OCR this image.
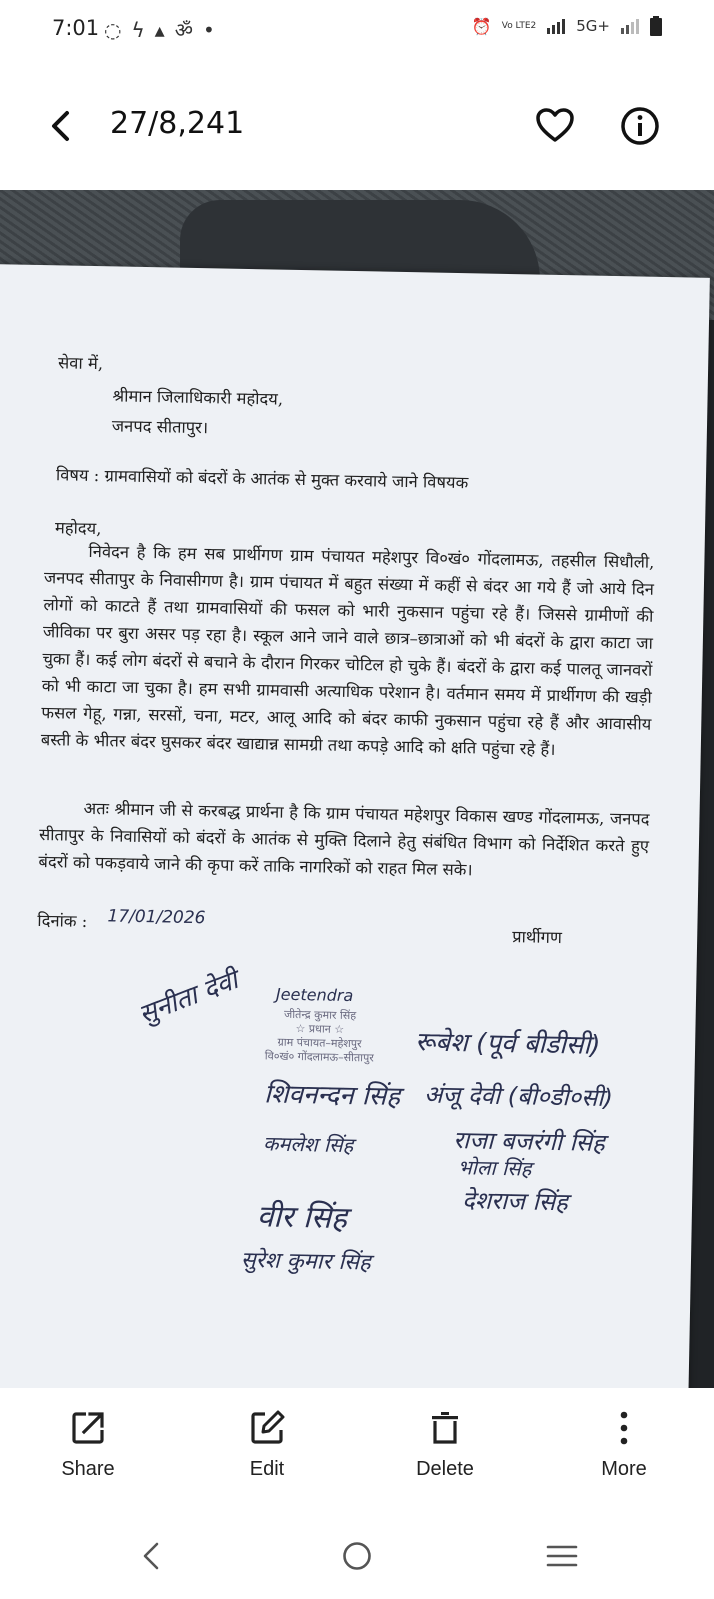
7:01 ◌ ϟ ▴ ॐ •	⏰ Vo LTE2	5G+
27/8,241
सेवा में,
श्रीमान जिलाधिकारी महोदय,
जनपद सीतापुर।
विषय : ग्रामवासियों को बंदरों के आतंक से मुक्त करवाये जाने विषयक
महोदय,
निवेदन है कि हम सब प्रार्थीगण ग्राम पंचायत महेशपुर वि०खं० गोंदलामऊ, तहसील सिधौली, जनपद सीतापुर के निवासीगण है। ग्राम पंचायत में बहुत संख्या में कहीं से बंदर आ गये हैं जो आये दिन लोगों को काटते हैं तथा ग्रामवासियों की फसल को भारी नुकसान पहुंचा रहे हैं। जिससे ग्रामीणों की जीविका पर बुरा असर पड़ रहा है। स्कूल आने जाने वाले छात्र–छात्राओं को भी बंदरों के द्वारा काटा जा चुका हैं। कई लोग बंदरों से बचाने के दौरान गिरकर चोटिल हो चुके हैं। बंदरों के द्वारा कई पालतू जानवरों को भी काटा जा चुका है। हम सभी ग्रामवासी अत्याधिक परेशान है। वर्तमान समय में प्रार्थीगण की खड़ी फसल गेहू, गन्ना, सरसों, चना, मटर, आलू आदि को बंदर काफी नुकसान पहुंचा रहे हैं और आवासीय बस्ती के भीतर बंदर घुसकर बंदर खाद्यान्न सामग्री तथा कपड़े आदि को क्षति पहुंचा रहे हैं।
अतः श्रीमान जी से करबद्ध प्रार्थना है कि ग्राम पंचायत महेशपुर विकास खण्ड गोंदलामऊ, जनपद सीतापुर के निवासियों को बंदरों के आतंक से मुक्ति दिलाने हेतु संबंधित विभाग को निर्देशित करते हुए बंदरों को पकड़वाये जाने की कृपा करें ताकि नागरिकों को राहत मिल सके।
दिनांक : 17/01/2026
प्रार्थीगण
जीतेन्द्र कुमार सिंह
☆ प्रधान ☆
ग्राम पंचायत–महेशपुर
वि०खं० गोंदलामऊ–सीतापुर
सुनीता देवी Jeetendra
रूबेश (पूर्व बीडीसी)
शिवनन्दन सिंह अंजू देवी (बी०डी०सी)
कमलेश सिंह	राजा बजरंगी सिंह
भोला सिंह
वीर सिंह	देशराज सिंह
सुरेश कुमार सिंह
Share	Edit	Delete	More
